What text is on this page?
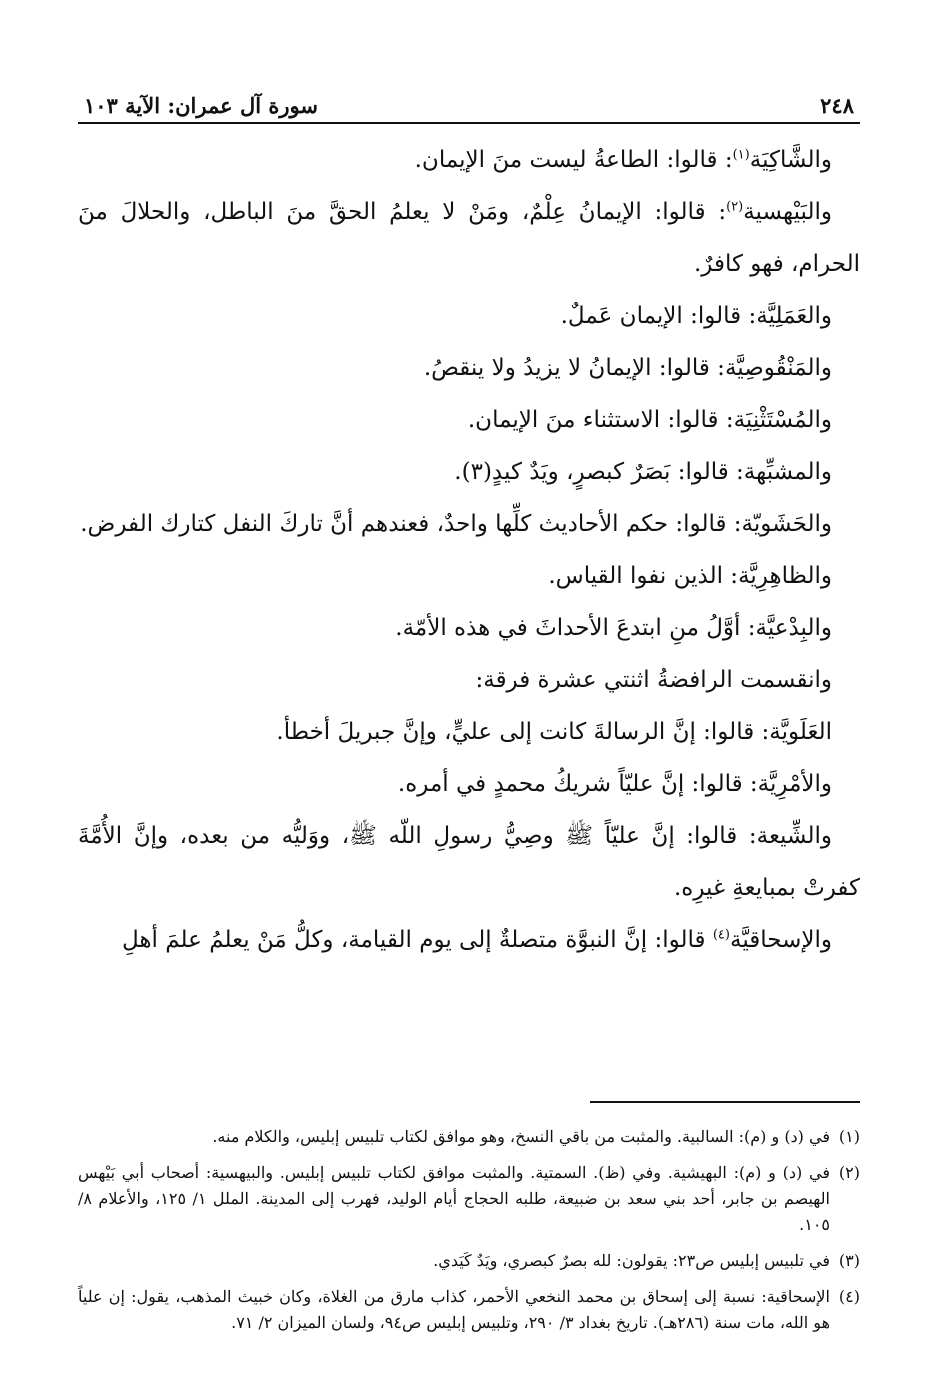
٢٤٨
سورة آل عمران: الآية ١٠٣

والشَّاكِيَة$^{(١)}$: قالوا: الطاعةُ ليست منَ الإيمان.

والبَيْهسية$^{(٢)}$: قالوا: الإيمانُ عِلْمٌ، ومَنْ لا يعلمُ الحقَّ منَ الباطل، والحلالَ منَ الحرام، فهو كافرٌ.

والعَمَلِيَّة: قالوا: الإيمان عَملٌ.

والمَنْقُوصِيَّة: قالوا: الإيمانُ لا يزيدُ ولا ينقصُ.

والمُسْتَثْنِيَة: قالوا: الاستثناء منَ الإيمان.

والمشبِّهة: قالوا: بَصَرٌ كبصرٍ، ويَدٌ كيدٍ(٣).

والحَشَويّة: قالوا: حكم الأحاديث كلِّها واحدٌ، فعندهم أنَّ تاركَ النفل كتارك الفرض.

والظاهِرِيَّة: الذين نفوا القياس.

والبِدْعيَّة: أوَّلُ منِ ابتدعَ الأحداثَ في هذه الأمّة.

وانقسمت الرافضةُ اثنتي عشرة فرقة:

العَلَويَّة: قالوا: إنَّ الرسالةَ كانت إلى عليٍّ، وإنَّ جبريلَ أخطأ.

والأمْرِيَّة: قالوا: إنَّ عليّاً شريكُ محمدٍ في أمره.

والشِّيعة: قالوا: إنَّ عليّاً ﷺ وصِيُّ رسولِ اللّه ﷺ، ووَليُّه من بعده، وإنَّ الأُمَّةَ كفرتْ بمبايعةِ غيرِه.

والإسحاقيَّة$^{(٤)}$ قالوا: إنَّ النبوَّة متصلةٌ إلى يوم القيامة، وكلُّ مَنْ يعلمُ علمَ أهلِ

(١)في (د) و (م): السالبية. والمثبت من باقي النسخ، وهو موافق لكتاب تلبيس إبليس، والكلام منه.

(٢)في (د) و (م): البهيشية. وفي (ظ). السمتية. والمثبت موافق لكتاب تلبيس إبليس. والبيهسية: أصحاب أبي بَيْهس الهيصم بن جابر، أحد بني سعد بن ضبيعة، طلبه الحجاج أيام الوليد، فهرب إلى المدينة. الملل ١/ ١٢٥، والأعلام ٨/ ١٠٥.

(٣)في تلبيس إبليس ص٢٣: يقولون: لله بصرٌ كبصري، ويَدٌ كَيَدي.

(٤)الإسحاقية: نسبة إلى إسحاق بن محمد النخعي الأحمر، كذاب مارق من الغلاة، وكان خبيث المذهب، يقول: إن علياً هو الله، مات سنة (٢٨٦هـ). تاريخ بغداد ٣/ ٢٩٠، وتلبيس إبليس ص٩٤، ولسان الميزان ٢/ ٧١.
